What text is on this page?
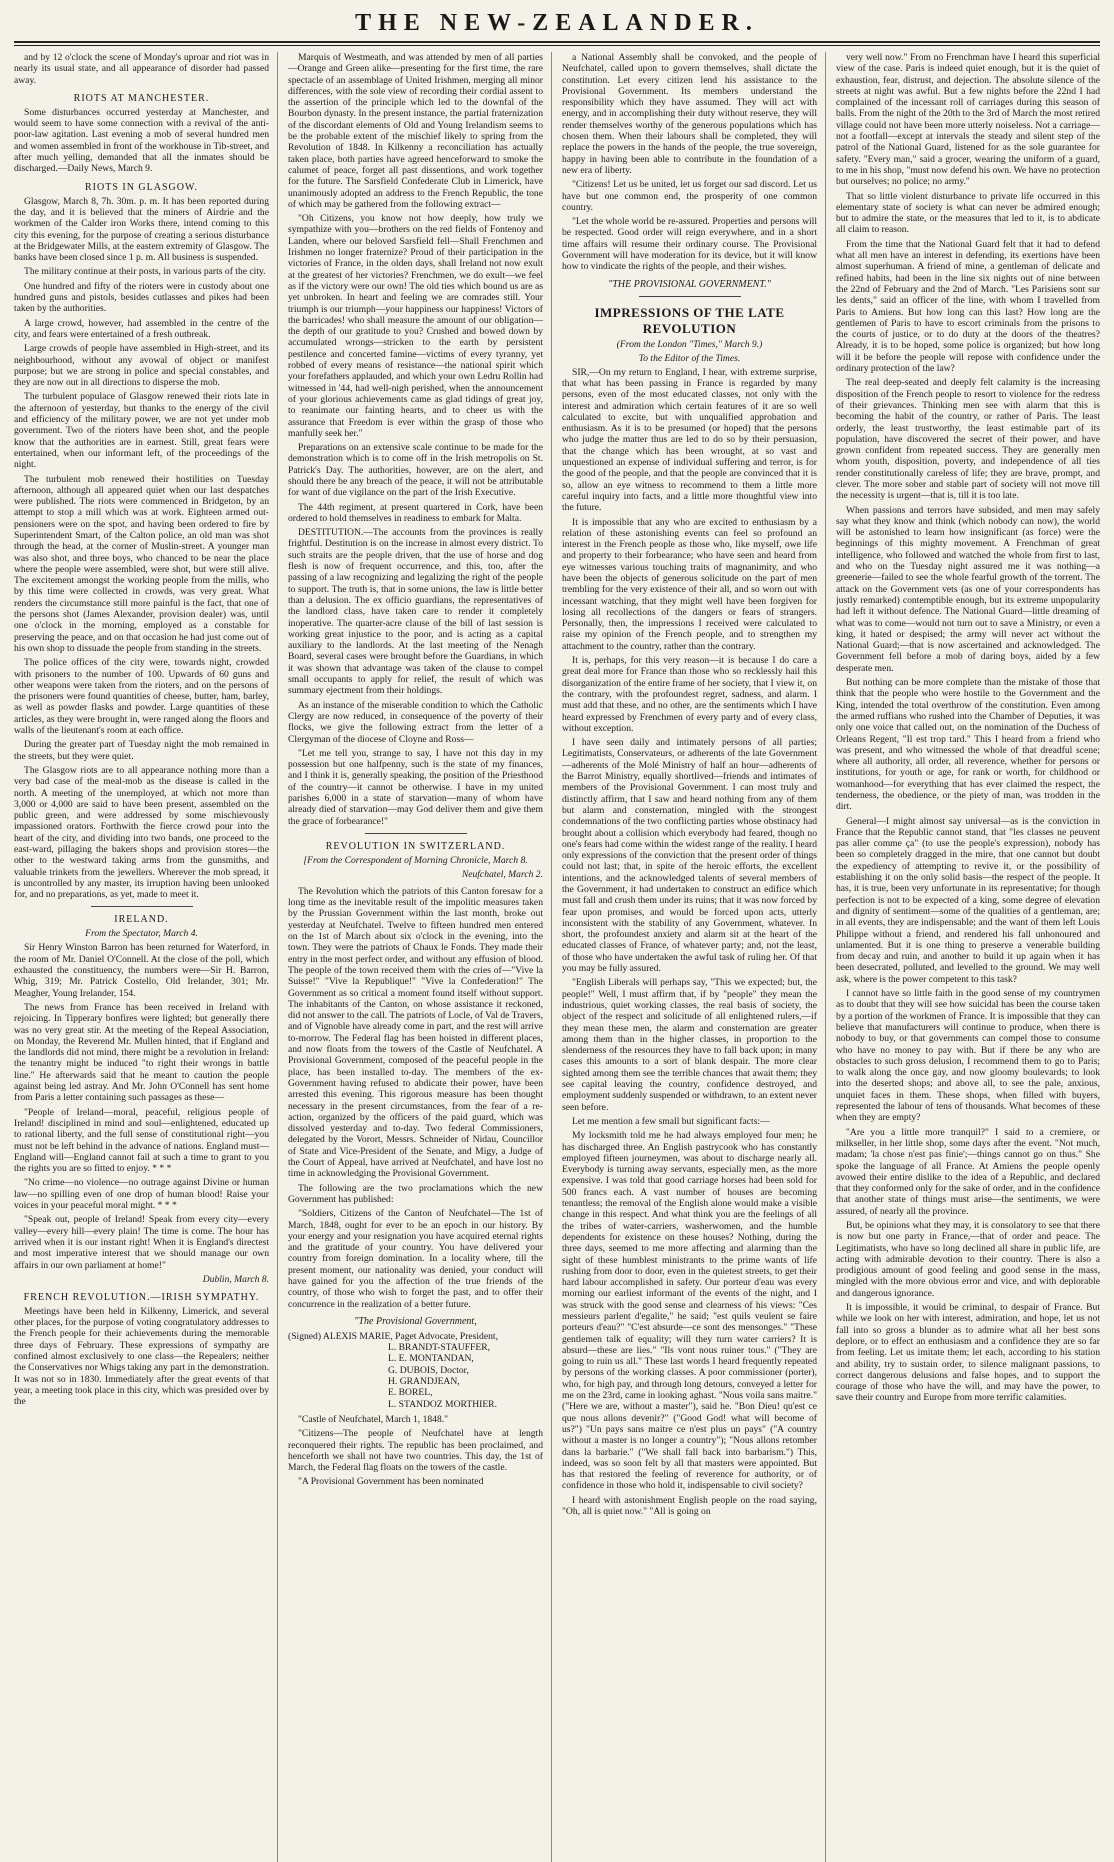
THE NEW-ZEALANDER.

and by 12 o'clock the scene of Monday's uproar and riot was in nearly its usual state, and all appearance of disorder had passed away.

RIOTS AT MANCHESTER.

Some disturbances occurred yesterday at Manchester, and would seem to have some connection with a revival of the anti-poor-law agitation. Last evening a mob of several hundred men and women assembled in front of the workhouse in Tib-street, and after much yelling, demanded that all the inmates should be discharged.—Daily News, March 9.

RIOTS IN GLASGOW.

Glasgow, March 8, 7h. 30m. p. m. It has been reported during the day, and it is believed that the miners of Airdrie and the workmen of the Calder iron Works there, intend coming to this city this evening, for the purpose of creating a serious disturbance at the Bridgewater Mills, at the eastern extremity of Glasgow. The banks have been closed since 1 p. m. All business is suspended.

The military continue at their posts, in various parts of the city.

One hundred and fifty of the rioters were in custody about one hundred guns and pistols, besides cutlasses and pikes had been taken by the authorities.

A large crowd, however, had assembled in the centre of the city, and fears were entertained of a fresh outbreak.

Large crowds of people have assembled in High-street, and its neighbourhood, without any avowal of object or manifest purpose; but we are strong in police and special constables, and they are now out in all directions to disperse the mob.

The turbulent populace of Glasgow renewed their riots late in the afternoon of yesterday, but thanks to the energy of the civil and efficiency of the military power, we are not yet under mob government. Two of the rioters have been shot, and the people know that the authorities are in earnest. Still, great fears were entertained, when our informant left, of the proceedings of the night.

The turbulent mob renewed their hostilities on Tuesday afternoon, although all appeared quiet when our last despatches were published. The riots were commenced in Bridgeton, by an attempt to stop a mill which was at work. Eighteen armed out-pensioners were on the spot, and having been ordered to fire by Superintendent Smart, of the Calton police, an old man was shot through the head, at the corner of Muslin-street. A younger man was also shot, and three boys, who chanced to be near the place where the people were assembled, were shot, but were still alive. The excitement amongst the working people from the mills, who by this time were collected in crowds, was very great. What renders the circumstance still more painful is the fact, that one of the persons shot (James Alexander, provision dealer) was, until one o'clock in the morning, employed as a constable for preserving the peace, and on that occasion he had just come out of his own shop to dissuade the people from standing in the streets.

The police offices of the city were, towards night, crowded with prisoners to the number of 100. Upwards of 60 guns and other weapons were taken from the rioters, and on the persons of the prisoners were found quantities of cheese, butter, ham, barley, as well as powder flasks and powder. Large quantities of these articles, as they were brought in, were ranged along the floors and walls of the lieutenant's room at each office.

During the greater part of Tuesday night the mob remained in the streets, but they were quiet.

The Glasgow riots are to all appearance nothing more than a very bad case of the meal-mob as the disease is called in the north. A meeting of the unemployed, at which not more than 3,000 or 4,000 are said to have been present, assembled on the public green, and were addressed by some mischievously impassioned orators. Forthwith the fierce crowd pour into the heart of the city, and dividing into two bands, one proceed to the east-ward, pillaging the bakers shops and provision stores—the other to the westward taking arms from the gunsmiths, and valuable trinkets from the jewellers. Wherever the mob spread, it is uncontrolled by any master, its irruption having been unlooked for, and no preparations, as yet, made to meet it.

IRELAND.
From the Spectator, March 4.

Sir Henry Winston Barron has been returned for Waterford, in the room of Mr. Daniel O'Connell. At the close of the poll, which exhausted the constituency, the numbers were—Sir H. Barron, Whig, 319; Mr. Patrick Costello, Old Irelander, 301; Mr. Meagher, Young Irelander, 154.

The news from France has been received in Ireland with rejoicing. In Tipperary bonfires were lighted; but generally there was no very great stir. At the meeting of the Repeal Association, on Monday, the Reverend Mr. Mullen hinted, that if England and the landlords did not mind, there might be a revolution in Ireland: the tenantry might be induced "to right their wrongs in battle line." He afterwards said that he meant to caution the people against being led astray. And Mr. John O'Connell has sent home from Paris a letter containing such passages as these—

"People of Ireland—moral, peaceful, religious people of Ireland! disciplined in mind and soul—enlightened, educated up to rational liberty, and the full sense of constitutional right—you must not be left behind in the advance of nations. England must—England will—England cannot fail at such a time to grant to you the rights you are so fitted to enjoy. * * *

"No crime—no violence—no outrage against Divine or human law—no spilling even of one drop of human blood! Raise your voices in your peaceful moral might. * * *

"Speak out, people of Ireland! Speak from every city—every valley—every hill—every plain! The time is come. The hour has arrived when it is our instant right! When it is England's directest and most imperative interest that we should manage our own affairs in our own parliament at home!"

Dublin, March 8.
FRENCH REVOLUTION.—IRISH SYMPATHY.

Meetings have been held in Kilkenny, Limerick, and several other places, for the purpose of voting congratulatory addresses to the French people for their achievements during the memorable three days of February. These expressions of sympathy are confined almost exclusively to one class—the Repealers; neither the Conservatives nor Whigs taking any part in the demonstration. It was not so in 1830. Immediately after the great events of that year, a meeting took place in this city, which was presided over by the

Marquis of Westmeath, and was attended by men of all parties—Orange and Green alike—presenting for the first time, the rare spectacle of an assemblage of United Irishmen, merging all minor differences, with the sole view of recording their cordial assent to the assertion of the principle which led to the downfal of the Bourbon dynasty. In the present instance, the partial fraternization of the discordant elements of Old and Young Irelandism seems to be the probable extent of the mischief likely to spring from the Revolution of 1848. In Kilkenny a reconciliation has actually taken place, both parties have agreed henceforward to smoke the calumet of peace, forget all past dissentions, and work together for the future. The Sarsfield Confederate Club in Limerick, have unanimously adopted an address to the French Republic, the tone of which may be gathered from the following extract—

"Oh Citizens, you know not how deeply, how truly we sympathize with you—brothers on the red fields of Fontenoy and Landen, where our beloved Sarsfield fell—Shall Frenchmen and Irishmen no longer fraternize? Proud of their participation in the victories of France, in the olden days, shall Ireland not now exult at the greatest of her victories? Frenchmen, we do exult—we feel as if the victory were our own! The old ties which bound us are as yet unbroken. In heart and feeling we are comrades still. Your triumph is our triumph—your happiness our happiness! Victors of the barricades! who shall measure the amount of our obligation—the depth of our gratitude to you? Crushed and bowed down by accumulated wrongs—stricken to the earth by persistent pestilence and concerted famine—victims of every tyranny, yet robbed of every means of resistance—the national spirit which your forefathers applauded, and which your own Ledru Rollin had witnessed in '44, had well-nigh perished, when the announcement of your glorious achievements came as glad tidings of great joy, to reanimate our fainting hearts, and to cheer us with the assurance that Freedom is ever within the grasp of those who manfully seek her."

Preparations on an extensive scale continue to be made for the demonstration which is to come off in the Irish metropolis on St. Patrick's Day. The authorities, however, are on the alert, and should there be any breach of the peace, it will not be attributable for want of due vigilance on the part of the Irish Executive.

The 44th regiment, at present quartered in Cork, have been ordered to hold themselves in readiness to embark for Malta.

DESTITUTION.—The accounts from the provinces is really frightful. Destitution is on the increase in almost every district. To such straits are the people driven, that the use of horse and dog flesh is now of frequent occurrence, and this, too, after the passing of a law recognizing and legalizing the right of the people to support. The truth is, that in some unions, the law is little better than a delusion. The ex officio guardians, the representatives of the landlord class, have taken care to render it completely inoperative. The quarter-acre clause of the bill of last session is working great injustice to the poor, and is acting as a capital auxiliary to the landlords. At the last meeting of the Nenagh Board, several cases were brought before the Guardians, in which it was shown that advantage was taken of the clause to compel small occupants to apply for relief, the result of which was summary ejectment from their holdings.

As an instance of the miserable condition to which the Catholic Clergy are now reduced, in consequence of the poverty of their flocks, we give the following extract from the letter of a Clergyman of the diocese of Cloyne and Ross—

"Let me tell you, strange to say, I have not this day in my possession but one halfpenny, such is the state of my finances, and I think it is, generally speaking, the position of the Priesthood of the country—it cannot be otherwise. I have in my united parishes 6,000 in a state of starvation—many of whom have already died of starvation—may God deliver them and give them the grace of forbearance!"

REVOLUTION IN SWITZERLAND.
[From the Correspondent of Morning Chronicle, March 8.
Neufchatel, March 2.

The Revolution which the patriots of this Canton foresaw for a long time as the inevitable result of the impolitic measures taken by the Prussian Government within the last month, broke out yesterday at Neufchatel. Twelve to fifteen hundred men entered on the 1st of March about six o'clock in the evening, into the town. They were the patriots of Chaux le Fonds. They made their entry in the most perfect order, and without any effusion of blood. The people of the town received them with the cries of—"Vive la Suisse!" "Vive la Republique!" "Vive la Confederation!" The Government as so critical a moment found itself without support. The inhabitants of the Canton, on whose assistance it reckoned, did not answer to the call. The patriots of Locle, of Val de Travers, and of Vignoble have already come in part, and the rest will arrive to-morrow. The Federal flag has been hoisted in different places, and now floats from the towers of the Castle of Neufchatel. A Provisional Government, composed of the peaceful people in the place, has been installed to-day. The members of the ex-Government having refused to abdicate their power, have been arrested this evening. This rigorous measure has been thought necessary in the present circumstances, from the fear of a re-action, organized by the officers of the paid guard, which was dissolved yesterday and to-day. Two federal Commissioners, delegated by the Vorort, Messrs. Schneider of Nidau, Councillor of State and Vice-President of the Senate, and Migy, a Judge of the Court of Appeal, have arrived at Neufchatel, and have lost no time in acknowledging the Provisional Government.

The following are the two proclamations which the new Government has published:

"Soldiers, Citizens of the Canton of Neufchatel—The 1st of March, 1848, ought for ever to be an epoch in our history. By your energy and your resignation you have acquired eternal rights and the gratitude of your country. You have delivered your country from foreign domination. In a locality where, till the present moment, our nationality was denied, your conduct will have gained for you the affection of the true friends of the country, of those who wish to forget the past, and to offer their concurrence in the realization of a better future.

"The Provisional Government,
(Signed) ALEXIS MARIE, Paget Advocate, President,
L. BRANDT-STAUFFER,
L. E. MONTANDAN,
G. DUBOIS, Doctor,
H. GRANDJEAN,
E. BOREL,
L. STANDOZ MORTHIER.

"Castle of Neufchatel, March 1, 1848."

"Citizens—The people of Neufchatel have at length reconquered their rights. The republic has been proclaimed, and henceforth we shall not have two countries. This day, the 1st of March, the Federal flag floats on the towers of the castle.

"A Provisional Government has been nominated

a National Assembly shall be convoked, and the people of Neufchatel, called upon to govern themselves, shall dictate the constitution. Let every citizen lend his assistance to the Provisional Government. Its members understand the responsibility which they have assumed. They will act with energy, and in accomplishing their duty without reserve, they will render themselves worthy of the generous populations which has chosen them. When their labours shall be completed, they will replace the powers in the hands of the people, the true sovereign, happy in having been able to contribute in the foundation of a new era of liberty.

"Citizens! Let us be united, let us forget our sad discord. Let us have but one common end, the prosperity of one common country.

"Let the whole world be re-assured. Properties and persons will be respected. Good order will reign everywhere, and in a short time affairs will resume their ordinary course. The Provisional Government will have moderation for its device, but it will know how to vindicate the rights of the people, and their wishes.

"THE PROVISIONAL GOVERNMENT."
IMPRESSIONS OF THE LATE REVOLUTION
(From the London "Times," March 9.)
To the Editor of the Times.

SIR,—On my return to England, I hear, with extreme surprise, that what has been passing in France is regarded by many persons, even of the most educated classes, not only with the interest and admiration which certain features of it are so well calculated to excite, but with unqualified approbation and enthusiasm. As it is to be presumed (or hoped) that the persons who judge the matter thus are led to do so by their persuasion, that the change which has been wrought, at so vast and unquestioned an expense of individual suffering and terror, is for the good of the people, and that the people are convinced that it is so, allow an eye witness to recommend to them a little more careful inquiry into facts, and a little more thoughtful view into the future.

It is impossible that any who are excited to enthusiasm by a relation of these astonishing events can feel so profound an interest in the French people as those who, like myself, owe life and property to their forbearance; who have seen and heard from eye witnesses various touching traits of magnanimity, and who have been the objects of generous solicitude on the part of men trembling for the very existence of their all, and so worn out with incessant watching, that they might well have been forgiven for losing all recollections of the dangers or fears of strangers. Personally, then, the impressions I received were calculated to raise my opinion of the French people, and to strengthen my attachment to the country, rather than the contrary.

It is, perhaps, for this very reason—it is because I do care a great deal more for France than those who so recklessly hail this disorganization of the entire frame of her society, that I view it, on the contrary, with the profoundest regret, sadness, and alarm. I must add that these, and no other, are the sentiments which I have heard expressed by Frenchmen of every party and of every class, without exception.

I have seen daily and intimately persons of all parties; Legitimatists, Conservateurs, or adherents of the late Government—adherents of the Molé Ministry of half an hour—adherents of the Barrot Ministry, equally shortlived—friends and intimates of members of the Provisional Government. I can most truly and distinctly affirm, that I saw and heard nothing from any of them but alarm and consternation, mingled with the strongest condemnations of the two conflicting parties whose obstinacy had brought about a collision which everybody had feared, though no one's fears had come within the widest range of the reality. I heard only expressions of the conviction that the present order of things could not last; that, in spite of the heroic efforts, the excellent intentions, and the acknowledged talents of several members of the Government, it had undertaken to construct an edifice which must fall and crush them under its ruins; that it was now forced by fear upon promises, and would be forced upon acts, utterly inconsistent with the stability of any Government, whatever. In short, the profoundest anxiety and alarm sit at the heart of the educated classes of France, of whatever party; and, not the least, of those who have undertaken the awful task of ruling her. Of that you may be fully assured.

"English Liberals will perhaps say, "This we expected; but, the people!" Well, I must affirm that, if by "people" they mean the industrious, quiet working classes, the real basis of society, the object of the respect and solicitude of all enlightened rulers,—if they mean these men, the alarm and consternation are greater among them than in the higher classes, in proportion to the slenderness of the resources they have to fall back upon; in many cases this amounts to a sort of blank despair. The more clear sighted among them see the terrible chances that await them; they see capital leaving the country, confidence destroyed, and employment suddenly suspended or withdrawn, to an extent never seen before.

Let me mention a few small but significant facts:—

My locksmith told me he had always employed four men; he has discharged three. An English pastrycook who has constantly employed fifteen journeymen, was about to discharge nearly all. Everybody is turning away servants, especially men, as the more expensive. I was told that good carriage horses had been sold for 500 francs each. A vast number of houses are becoming tenantless; the removal of the English alone would make a visible change in this respect. And what think you are the feelings of all the tribes of water-carriers, washerwomen, and the humble dependents for existence on these houses? Nothing, during the three days, seemed to me more affecting and alarming than the sight of these humblest ministrants to the prime wants of life rushing from door to door, even in the quietest streets, to get their hard labour accomplished in safety. Our porteur d'eau was every morning our earliest informant of the events of the night, and I was struck with the good sense and clearness of his views: "Ces messieurs parlent d'egalite," he said; "est quils veulent se faire porteurs d'eau?" "C'est absurde—ce sont des mensonges." "These gentlemen talk of equality; will they turn water carriers? It is absurd—these are lies." "Ils vont nous ruiner tous." ("They are going to ruin us all." These last words I heard frequently repeated by persons of the working classes. A poor commissioner (porter), who, for high pay, and through long detours, conveyed a letter for me on the 23rd, came in looking aghast. "Nous voila sans maitre." ("Here we are, without a master"), said he. "Bon Dieu! qu'est ce que nous allons devenir?" ("Good God! what will become of us?") "Un pays sans maitre ce n'est plus un pays" ("A country without a master is no longer a country"); "Nous allons retomber dans la barbarie." ("We shall fall back into barbarism.") This, indeed, was so soon felt by all that masters were appointed. But has that restored the feeling of reverence for authority, or of confidence in those who hold it, indispensable to civil society?

I heard with astonishment English people on the road saying, "Oh, all is quiet now." "All is going on

very well now." From no Frenchman have I heard this superficial view of the case. Paris is indeed quiet enough, but it is the quiet of exhaustion, fear, distrust, and dejection. The absolute silence of the streets at night was awful. But a few nights before the 22nd I had complained of the incessant roll of carriages during this season of balls. From the night of the 20th to the 3rd of March the most retired village could not have been more utterly noiseless. Not a carriage—not a footfall—except at intervals the steady and silent step of the patrol of the National Guard, listened for as the sole guarantee for safety. "Every man," said a grocer, wearing the uniform of a guard, to me in his shop, "must now defend his own. We have no protection but ourselves; no police; no army."

That so little violent disturbance to private life occurred in this elementary state of society is what can never be admired enough; but to admire the state, or the measures that led to it, is to abdicate all claim to reason.

From the time that the National Guard felt that it had to defend what all men have an interest in defending, its exertions have been almost superhuman. A friend of mine, a gentleman of delicate and refined habits, had been in the line six nights out of nine between the 22nd of February and the 2nd of March. "Les Parisiens sont sur les dents," said an officer of the line, with whom I travelled from Paris to Amiens. But how long can this last? How long are the gentlemen of Paris to have to escort criminals from the prisons to the courts of justice, or to do duty at the doors of the theatres? Already, it is to be hoped, some police is organized; but how long will it be before the people will repose with confidence under the ordinary protection of the law?

The real deep-seated and deeply felt calamity is the increasing disposition of the French people to resort to violence for the redress of their grievances. Thinking men see with alarm that this is becoming the habit of the country, or rather of Paris. The least orderly, the least trustworthy, the least estimable part of its population, have discovered the secret of their power, and have grown confident from repeated success. They are generally men whom youth, disposition, poverty, and independence of all ties render constitutionally careless of life; they are brave, prompt, and clever. The more sober and stable part of society will not move till the necessity is urgent—that is, till it is too late.

When passions and terrors have subsided, and men may safely say what they know and think (which nobody can now), the world will be astonished to learn how insignificant (as force) were the beginnings of this mighty movement. A Frenchman of great intelligence, who followed and watched the whole from first to last, and who on the Tuesday night assured me it was nothing—a greenerie—failed to see the whole fearful growth of the torrent. The attack on the Government vets (as one of your correspondents has justly remarked) contemptible enough, but its extreme unpopularity had left it without defence. The National Guard—little dreaming of what was to come—would not turn out to save a Ministry, or even a king, it hated or despised; the army will never act without the National Guard;—that is now ascertained and acknowledged. The Government fell before a mob of daring boys, aided by a few desperate men.

But nothing can be more complete than the mistake of those that think that the people who were hostile to the Government and the King, intended the total overthrow of the constitution. Even among the armed ruffians who rushed into the Chamber of Deputies, it was only one voice that called out, on the nomination of the Duchess of Orleans Regent, "Il est trop tard." This I heard from a friend who was present, and who witnessed the whole of that dreadful scene; where all authority, all order, all reverence, whether for persons or institutions, for youth or age, for rank or worth, for childhood or womanhood—for everything that has ever claimed the respect, the tenderness, the obedience, or the piety of man, was trodden in the dirt.

General—I might almost say universal—as is the conviction in France that the Republic cannot stand, that "les classes ne peuvent pas aller comme ça" (to use the people's expression), nobody has been so completely dragged in the mire, that one cannot but doubt the expediency of attempting to revive it, or the possibility of establishing it on the only solid basis—the respect of the people. It has, it is true, been very unfortunate in its representative; for though perfection is not to be expected of a king, some degree of elevation and dignity of sentiment—some of the qualities of a gentleman, are; in all events, they are indispensable; and the want of them left Louis Philippe without a friend, and rendered his fall unhonoured and unlamented. But it is one thing to preserve a venerable building from decay and ruin, and another to build it up again when it has been desecrated, polluted, and levelled to the ground. We may well ask, where is the power competent to this task?

I cannot have so little faith in the good sense of my countrymen as to doubt that they will see how suicidal has been the course taken by a portion of the workmen of France. It is impossible that they can believe that manufacturers will continue to produce, when there is nobody to buy, or that governments can compel those to consume who have no money to pay with. But if there be any who are obstacles to such gross delusion, I recommend them to go to Paris; to walk along the once gay, and now gloomy boulevards; to look into the deserted shops; and above all, to see the pale, anxious, unquiet faces in them. These shops, when filled with buyers, represented the labour of tens of thousands. What becomes of these when they are empty?

"Are you a little more tranquil?" I said to a cremiere, or milkseller, in her little shop, some days after the event. "Not much, madam; 'la chose n'est pas finie';—things cannot go on thus." She spoke the language of all France. At Amiens the people openly avowed their entire dislike to the idea of a Republic, and declared that they conformed only for the sake of order, and in the confidence that another state of things must arise—the sentiments, we were assured, of nearly all the province.

But, be opinions what they may, it is consolatory to see that there is now but one party in France,—that of order and peace. The Legitimatists, who have so long declined all share in public life, are acting with admirable devotion to their country. There is also a prodigious amount of good feeling and good sense in the mass, mingled with the more obvious error and vice, and with deplorable and dangerous ignorance.

It is impossible, it would be criminal, to despair of France. But while we look on her with interest, admiration, and hope, let us not fall into so gross a blunder as to admire what all her best sons deplore, or to effect an enthusiasm and a confidence they are so far from feeling. Let us imitate them; let each, according to his station and ability, try to sustain order, to silence malignant passions, to correct dangerous delusions and false hopes, and to support the courage of those who have the will, and may have the power, to save their country and Europe from more terrific calamities.
